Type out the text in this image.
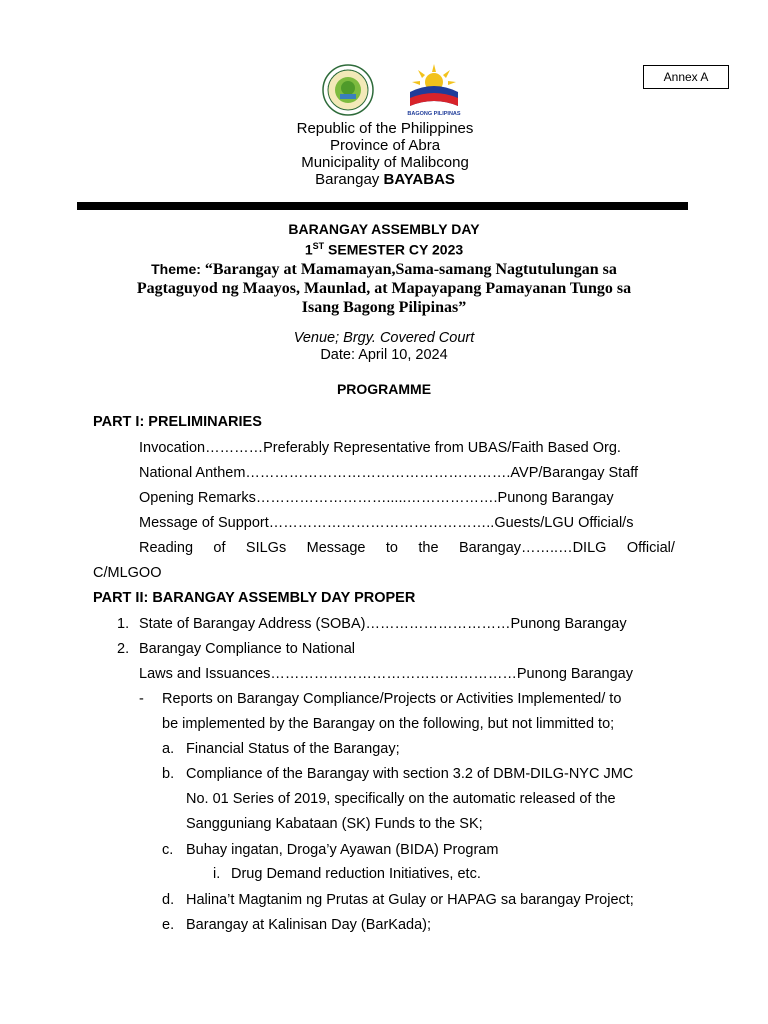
Annex A
BAGONG PILIPINAS
Republic of the Philippines
Province of Abra
Municipality of Malibcong
Barangay BAYABAS
BARANGAY ASSEMBLY DAY
1ST SEMESTER CY 2023
Theme: “Barangay at Mamamayan,Sama-samang Nagtutulungan sa
Pagtaguyod ng Maayos, Maunlad, at Mapayapang Pamayanan Tungo sa
Isang Bagong Pilipinas”
Venue; Brgy. Covered Court
Date: April 10, 2024
PROGRAMME
PART I: PRELIMINARIES
Invocation…………Preferably Representative from UBAS/Faith Based Org.
National Anthem……………………………………………….AVP/Barangay Staff
Opening Remarks……………………….....……………….Punong Barangay
Message of Support………………………………………..Guests/LGU Official/s
Reading of SILGs Message to the Barangay……..…DILG Official/
C/MLGOO
PART II: BARANGAY ASSEMBLY DAY PROPER
1. State of Barangay Address (SOBA)…………………………Punong Barangay
2. Barangay Compliance to National
Laws and Issuances……………………………………………Punong Barangay
- Reports on Barangay Compliance/Projects or Activities Implemented/ to
be implemented by the Barangay on the following, but not limmitted to;
a. Financial Status of the Barangay;
b. Compliance of the Barangay with section 3.2 of DBM-DILG-NYC JMC
No. 01 Series of 2019, specifically on the automatic released of the
Sangguniang Kabataan (SK) Funds to the SK;
c. Buhay ingatan, Droga’y Ayawan (BIDA) Program
i. Drug Demand reduction Initiatives, etc.
d. Halina’t Magtanim ng Prutas at Gulay or HAPAG sa barangay Project;
e. Barangay at Kalinisan Day (BarKada);
